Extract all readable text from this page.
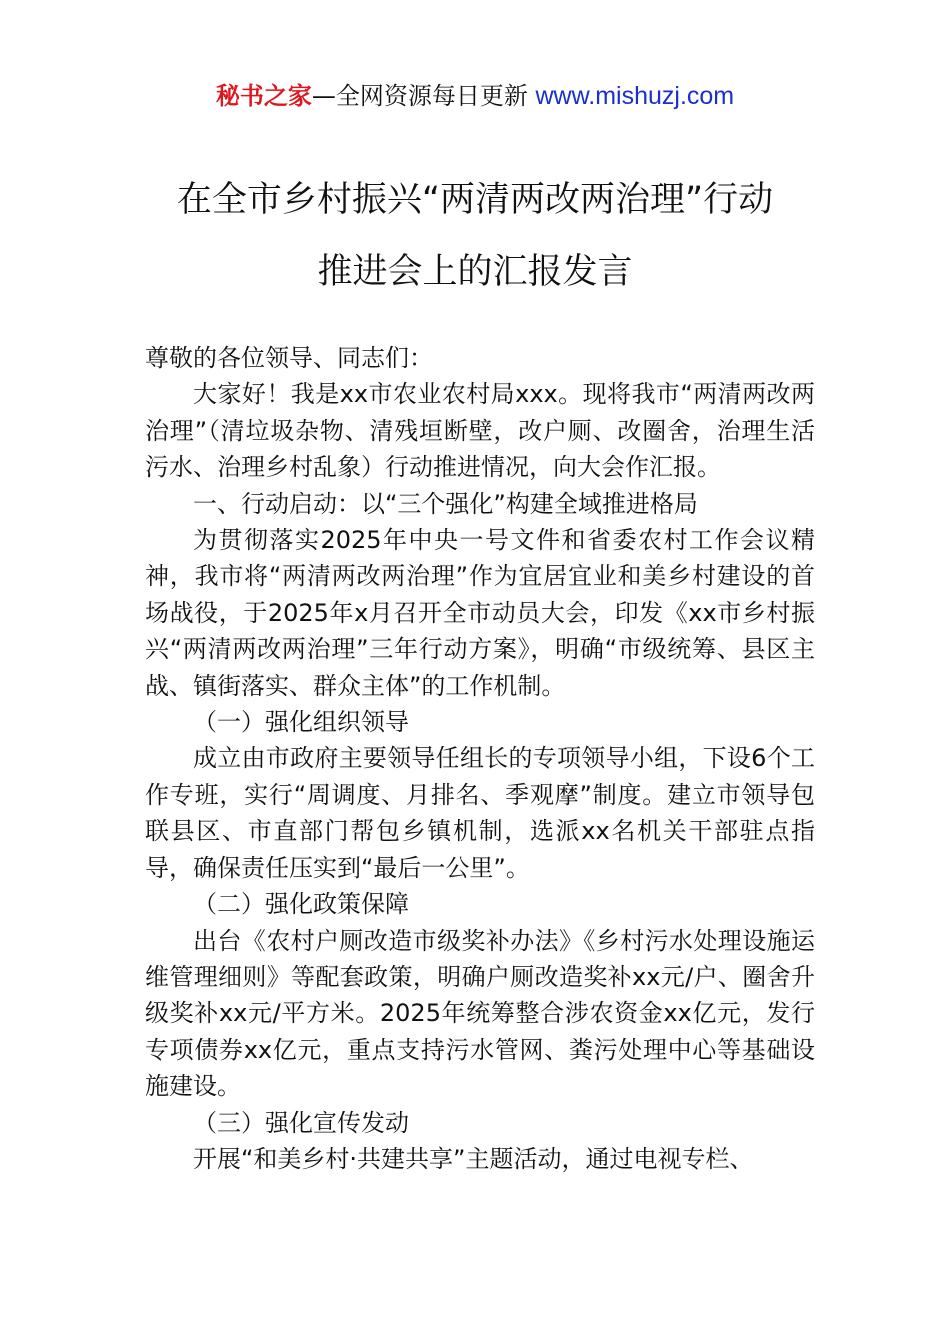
秘书之家—全网资源每日更新 www.mishuzj.com
在全市乡村振兴“两清两改两治理”行动
推进会上的汇报发言

尊敬的各位领导、同志们：

大家好！我是xx市农业农村局xxx。现将我市“两清两改两治理”（清垃圾杂物、清残垣断壁，改户厕、改圈舍，治理生活污水、治理乡村乱象）行动推进情况，向大会作汇报。

一、行动启动：以“三个强化”构建全域推进格局

为贯彻落实2025年中央一号文件和省委农村工作会议精神，我市将“两清两改两治理”作为宜居宜业和美乡村建设的首场战役，于2025年x月召开全市动员大会，印发《xx市乡村振兴“两清两改两治理”三年行动方案》，明确“市级统筹、县区主战、镇街落实、群众主体”的工作机制。

（一）强化组织领导

成立由市政府主要领导任组长的专项领导小组，下设6个工作专班，实行“周调度、月排名、季观摩”制度。建立市领导包联县区、市直部门帮包乡镇机制，选派xx名机关干部驻点指导，确保责任压实到“最后一公里”。

（二）强化政策保障

出台《农村户厕改造市级奖补办法》《乡村污水处理设施运维管理细则》等配套政策，明确户厕改造奖补xx元/户、圈舍升级奖补xx元/平方米。2025年统筹整合涉农资金xx亿元，发行专项债券xx亿元，重点支持污水管网、粪污处理中心等基础设施建设。

（三）强化宣传发动

开展“和美乡村·共建共享”主题活动，通过电视专栏、
